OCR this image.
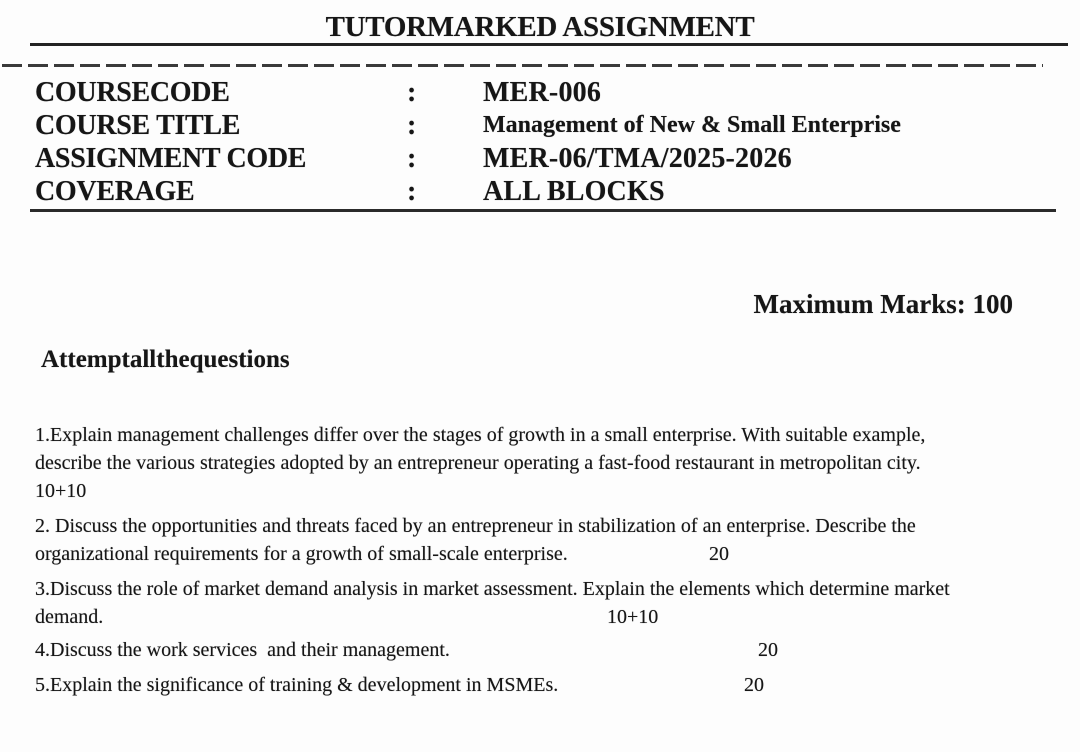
TUTORMARKED ASSIGNMENT
COURSECODE	:	MER-006
COURSE TITLE	:	Management of New & Small Enterprise
ASSIGNMENT CODE	:	MER-06/TMA/2025-2026
COVERAGE	:	ALL BLOCKS
Maximum Marks: 100
Attemptallthequestions
1.Explain management challenges differ over the stages of growth in a small enterprise. With suitable example,
describe the various strategies adopted by an entrepreneur operating a fast-food restaurant in metropolitan city.
10+10
2. Discuss the opportunities and threats faced by an entrepreneur in stabilization of an enterprise. Describe the
organizational requirements for a growth of small-scale enterprise.	20
3.Discuss the role of market demand analysis in market assessment. Explain the elements which determine market
demand.	10+10
4.Discuss the work services  and their management.	20
5.Explain the significance of training & development in MSMEs.	20
